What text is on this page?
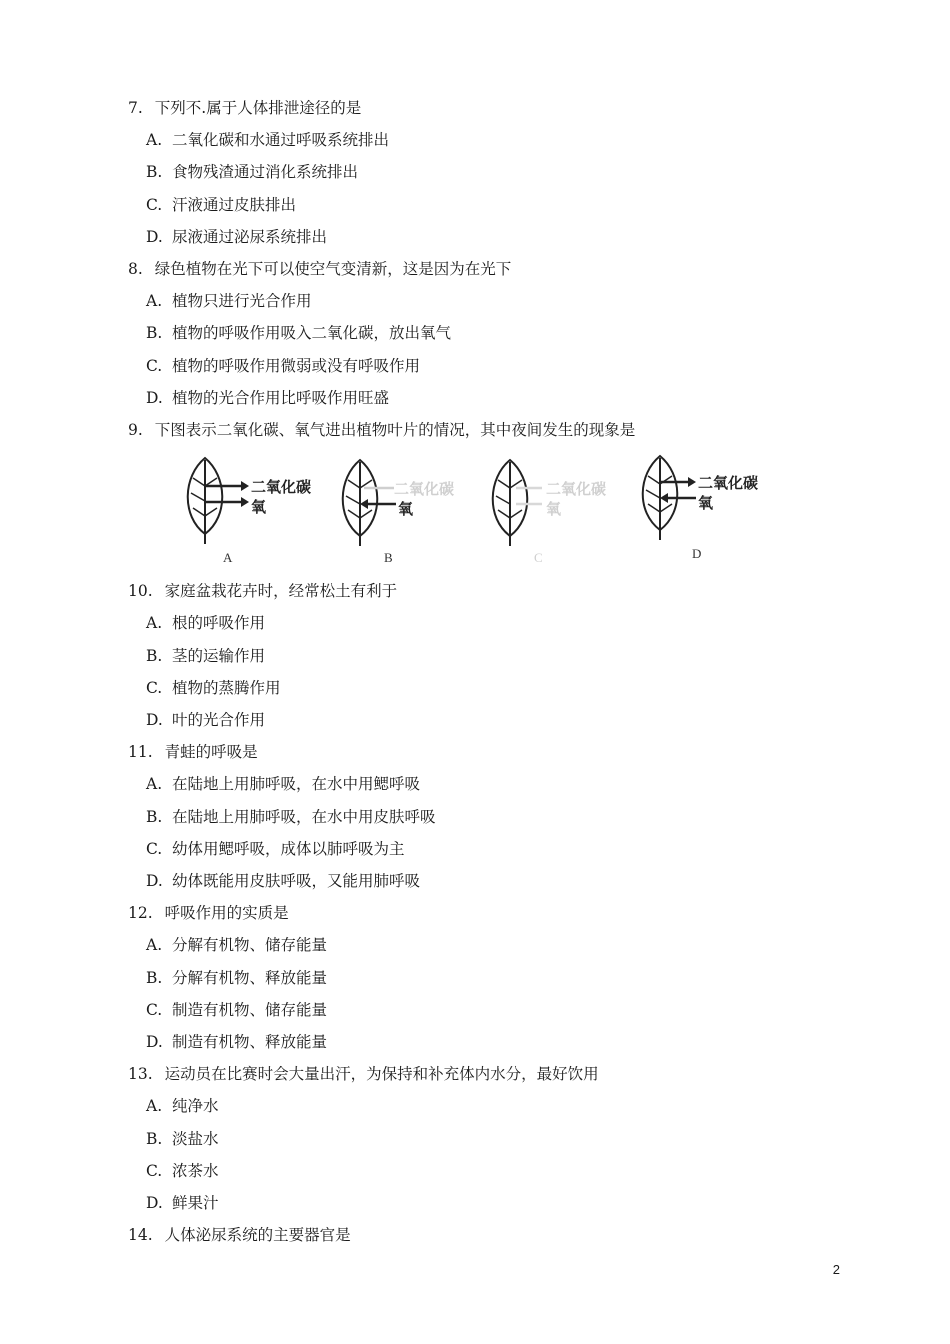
7. 下列不.属于人体排泄途径的是
A. 二氧化碳和水通过呼吸系统排出
B. 食物残渣通过消化系统排出
C. 汗液通过皮肤排出
D. 尿液通过泌尿系统排出
8. 绿色植物在光下可以使空气变清新，这是因为在光下
A. 植物只进行光合作用
B. 植物的呼吸作用吸入二氧化碳，放出氧气
C. 植物的呼吸作用微弱或没有呼吸作用
D. 植物的光合作用比呼吸作用旺盛
9. 下图表示二氧化碳、氧气进出植物叶片的情况，其中夜间发生的现象是
10. 家庭盆栽花卉时，经常松土有利于
A. 根的呼吸作用
B. 茎的运输作用
C. 植物的蒸腾作用
D. 叶的光合作用
11. 青蛙的呼吸是
A. 在陆地上用肺呼吸，在水中用鳃呼吸
B. 在陆地上用肺呼吸，在水中用皮肤呼吸
C. 幼体用鳃呼吸，成体以肺呼吸为主
D. 幼体既能用皮肤呼吸，又能用肺呼吸
12. 呼吸作用的实质是
A. 分解有机物、储存能量
B. 分解有机物、释放能量
C. 制造有机物、储存能量
D. 制造有机物、释放能量
13. 运动员在比赛时会大量出汗，为保持和补充体内水分，最好饮用
A. 纯净水
B. 淡盐水
C. 浓茶水
D. 鲜果汁
14. 人体泌尿系统的主要器官是
二氧化碳
氧
A
二氧化碳
氧
B
二氧化碳
氧
C
二氧化碳
氧
D
2
